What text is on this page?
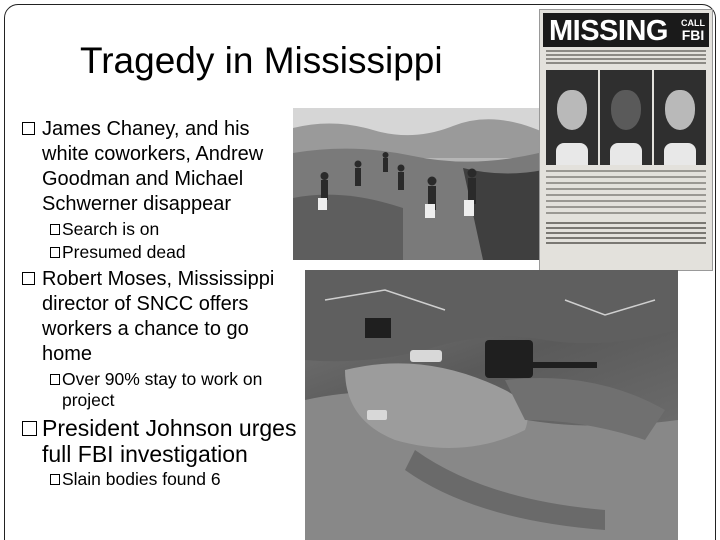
Tragedy in Mississippi
MISSING CALL
FBI
James Chaney, and his white coworkers, Andrew Goodman and Michael Schwerner disappear
Search is on
Presumed dead
Robert Moses, Mississippi director of SNCC offers workers a chance to go home
Over 90% stay to work on project
President Johnson urges full FBI investigation
Slain bodies found 6
